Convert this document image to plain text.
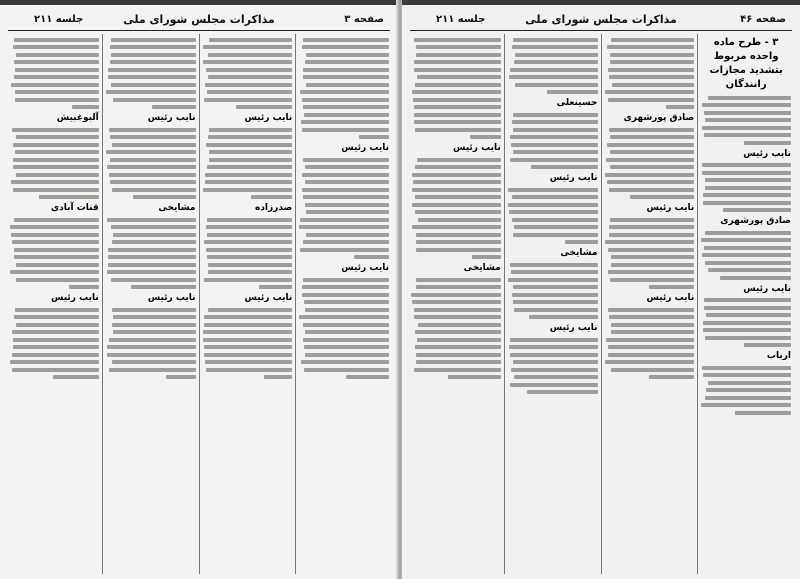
صفحه ۳
مذاکرات مجلس شورای ملی
جلسه ۲۱۱
نایب رئیس
نایب رئیس
نایب رئیس
صدرزاده
نایب رئیس
نایب رئیس
مشایخی
نایب رئیس
آلبوغبیش
قنات آبادی
نایب رئیس
صفحه ۴۶
مذاکرات مجلس شورای ملی
جلسه ۲۱۱
۳ - طرح ماده واحده مربوط بتشدید مجازات رانندگان
نایب رئیس
صادق پورشهری
نایب رئیس
ارباب
صادق پورشهری
نایب رئیس
نایب رئیس
حسینعلی
نایب رئیس
مشایخی
نایب رئیس
نایب رئیس
مشایخی
